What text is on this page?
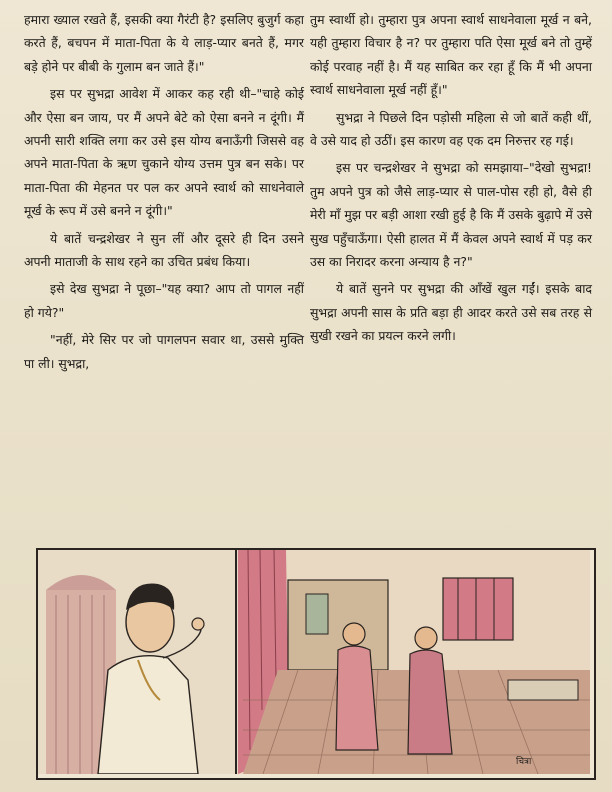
हमारा ख्याल रखते हैं, इसकी क्या गैरंटी है? इसलिए बुजुर्ग कहा करते हैं, बचपन में माता-पिता के ये लाड़-प्यार बनते हैं, मगर बड़े होने पर बीबी के गुलाम बन जाते हैं।"

इस पर सुभद्रा आवेश में आकर कह रही थी–"चाहे कोई और ऐसा बन जाय, पर मैं अपने बेटे को ऐसा बनने न दूंगी। मैं अपनी सारी शक्ति लगा कर उसे इस योग्य बनाऊँगी जिससे वह अपने माता-पिता के ऋण चुकाने योग्य उत्तम पुत्र बन सके। पर माता-पिता की मेहनत पर पल कर अपने स्वार्थ को साधनेवाले मूर्ख के रूप में उसे बनने न दूंगी।"

ये बातें चन्द्रशेखर ने सुन लीं और दूसरे ही दिन उसने अपनी माताजी के साथ रहने का उचित प्रबंध किया।

इसे देख सुभद्रा ने पूछा–"यह क्या? आप तो पागल नहीं हो गये?"

"नहीं, मेरे सिर पर जो पागलपन सवार था, उससे मुक्ति पा ली। सुभद्रा,

तुम स्वार्थी हो। तुम्हारा पुत्र अपना स्वार्थ साधनेवाला मूर्ख न बने, यही तुम्हारा विचार है न? पर तुम्हारा पति ऐसा मूर्ख बने तो तुम्हें कोई परवाह नहीं है। मैं यह साबित कर रहा हूँ कि मैं भी अपना स्वार्थ साधनेवाला मूर्ख नहीं हूँ।"

सुभद्रा ने पिछले दिन पड़ोसी महिला से जो बातें कही थीं, वे उसे याद हो उठीं। इस कारण वह एक दम निरुत्तर रह गई।

इस पर चन्द्रशेखर ने सुभद्रा को समझाया–"देखो सुभद्रा! तुम अपने पुत्र को जैसे लाड़-प्यार से पाल-पोस रही हो, वैसे ही मेरी माँ मुझ पर बड़ी आशा रखी हुई है कि मैं उसके बुढ़ापे में उसे सुख पहुँचाऊँगा। ऐसी हालत में मैं केवल अपने स्वार्थ में पड़ कर उस का निरादर करना अन्याय है न?"

ये बातें सुनने पर सुभद्रा की आँखें खुल गईं। इसके बाद सुभद्रा अपनी सास के प्रति बड़ा ही आदर करते उसे सब तरह से सुखी रखने का प्रयत्न करने लगी।

चित्रा
